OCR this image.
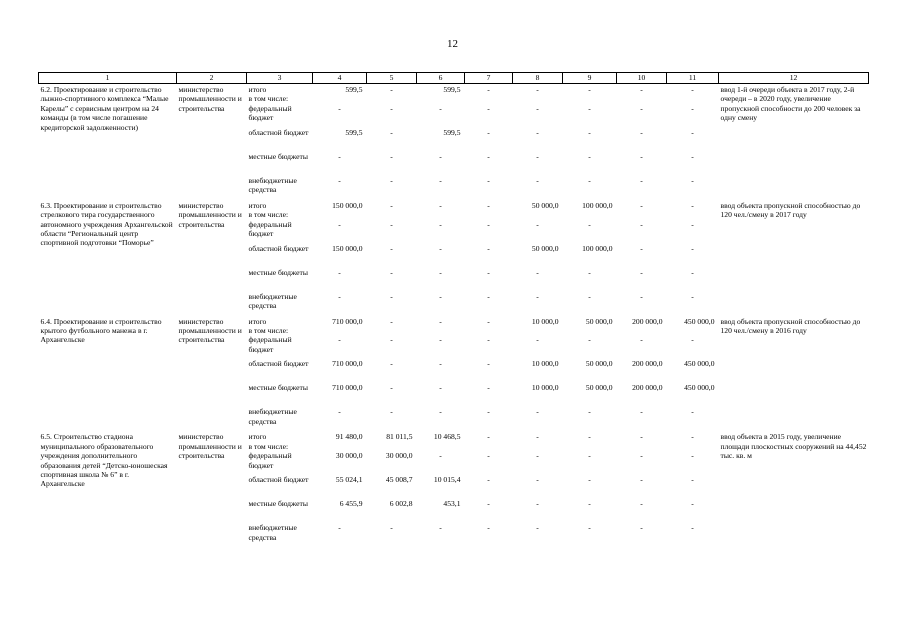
12
1	2	3	4	5	6	7	8	9	10	11	12
6.2. Проектирование и строительство лыжно-спортивного комплекса “Малые Карелы” с сервисным центром на 24 команды (в том числе погашение кредиторской задолженности)	министерство промышленности и строительства	итого
в том числе:	599,5	-	599,5	-	-	-	-	-	ввод 1-й очереди объекта в 2017 году, 2-й очереди – в 2020 году, увеличение пропускной способности до 200 человек за одну смену

		федеральный бюджет	-	-	-	-	-	-	-	-	

		областной бюджет	599,5	-	599,5	-	-	-	-	-	

		местные бюджеты	-	-	-	-	-	-	-	-	

		внебюджетные средства	-	-	-	-	-	-	-	-	
6.3. Проектирование и строительство стрелкового тира государственного автономного учреждения Архангельской области “Региональный центр спортивной подготовки “Поморье”	министерство промышленности и строительства	итого
в том числе:	150 000,0	-	-	-	50 000,0	100 000,0	-	-	ввод объекта пропускной способностью до 120 чел./смену в 2017 году

		федеральный бюджет	-	-	-	-	-	-	-	-	

		областной бюджет	150 000,0	-	-	-	50 000,0	100 000,0	-	-	

		местные бюджеты	-	-	-	-	-	-	-	-	

		внебюджетные средства	-	-	-	-	-	-	-	-	
6.4. Проектирование и строительство крытого футбольного манежа в г. Архангельске	министерство промышленности и строительства	итого
в том числе:	710 000,0	-	-	-	10 000,0	50 000,0	200 000,0	450 000,0	ввод объекта пропускной способностью до 120 чел./смену в 2016 году

		федеральный бюджет	-	-	-	-	-	-	-	-	

		областной бюджет	710 000,0	-	-	-	10 000,0	50 000,0	200 000,0	450 000,0	

		местные бюджеты	710 000,0	-	-	-	10 000,0	50 000,0	200 000,0	450 000,0	

		внебюджетные средства	-	-	-	-	-	-	-	-	
6.5. Строительство стадиона муниципального образовательного учреждения дополнительного образования детей “Детско-юношеская спортивная школа № 6” в г. Архангельске	министерство промышленности и строительства	итого
в том числе:	91 480,0	81 011,5	10 468,5	-	-	-	-	-	ввод объекта в 2015 году, увеличение площади плоскостных сооружений на 44,452 тыс. кв. м

		федеральный бюджет	30 000,0	30 000,0	-	-	-	-	-	-	

		областной бюджет	55 024,1	45 008,7	10 015,4	-	-	-	-	-	

		местные бюджеты	6 455,9	6 002,8	453,1	-	-	-	-	-	

		внебюджетные средства	-	-	-	-	-	-	-	-	
